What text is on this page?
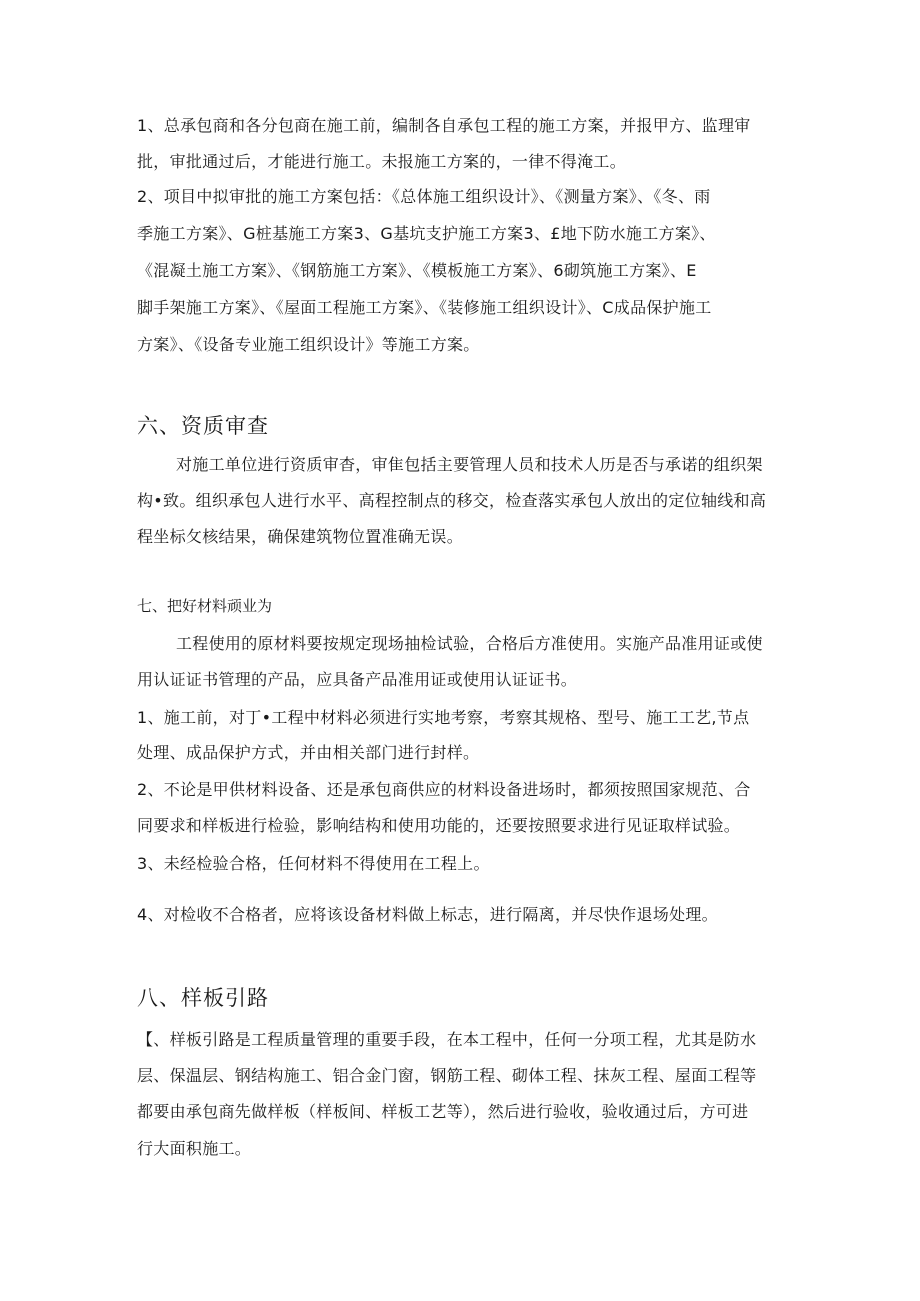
1、总承包商和各分包商在施工前，编制各自承包工程的施工方案，并报甲方、监理审
批，审批通过后，才能进行施工。未报施工方案的，一律不得淹工。
2、项目中拟审批的施工方案包括：《总体施工组织设计》、《测量方案》、《冬、雨
季施工方案》、G桩基施工方案3、G基坑支护施工方案3、£地下防水施工方案》、
《混凝土施工方案》、《钢筋施工方案》、《模板施工方案》、6砌筑施工方案》、E
脚手架施工方案》、《屋面工程施工方案》、《装修施工组织设计》、C成品保护施工
方案》、《设备专业施工组织设计》等施工方案。
六、资质审查
对施工单位进行资质审杳，审隹包括主要管理人员和技术人历是否与承诺的组织架
构•致。组织承包人进行水平、高程控制点的移交，检查落实承包人放出的定位轴线和高
程坐标攵核结果，确保建筑物位置准确无误。
七、把好材料顽业为
工程使用的原材料要按规定现场抽检试验，合格后方准使用。实施产品准用证或使
用认证证书管理的产品，应具备产品准用证或使用认证证书。
1、施工前，对丁•工程中材料必须进行实地考察，考察其规格、型号、施工工艺,节点
处理、成品保护方式，并由相关部门进行封样。
2、不论是甲供材料设备、还是承包商供应的材料设备进场时，都须按照国家规范、合
同要求和样板进行检验，影响结构和使用功能的，还要按照要求进行见证取样试验。
3、未经检验合格，任何材料不得使用在工程上。
4、对检收不合格者，应将该设备材料做上标志，进行隔离，并尽快作退场处理。
八、样板引路
【、样板引路是工程质量管理的重要手段，在本工程中，任何一分项工程，尤其是防水
层、保温层、钢结构施工、铝合金门窗，钢筋工程、砌体工程、抹灰工程、屋面工程等
都要由承包商先做样板（样板间、样板工艺等），然后进行验收，验收通过后，方可进
行大面积施工。
